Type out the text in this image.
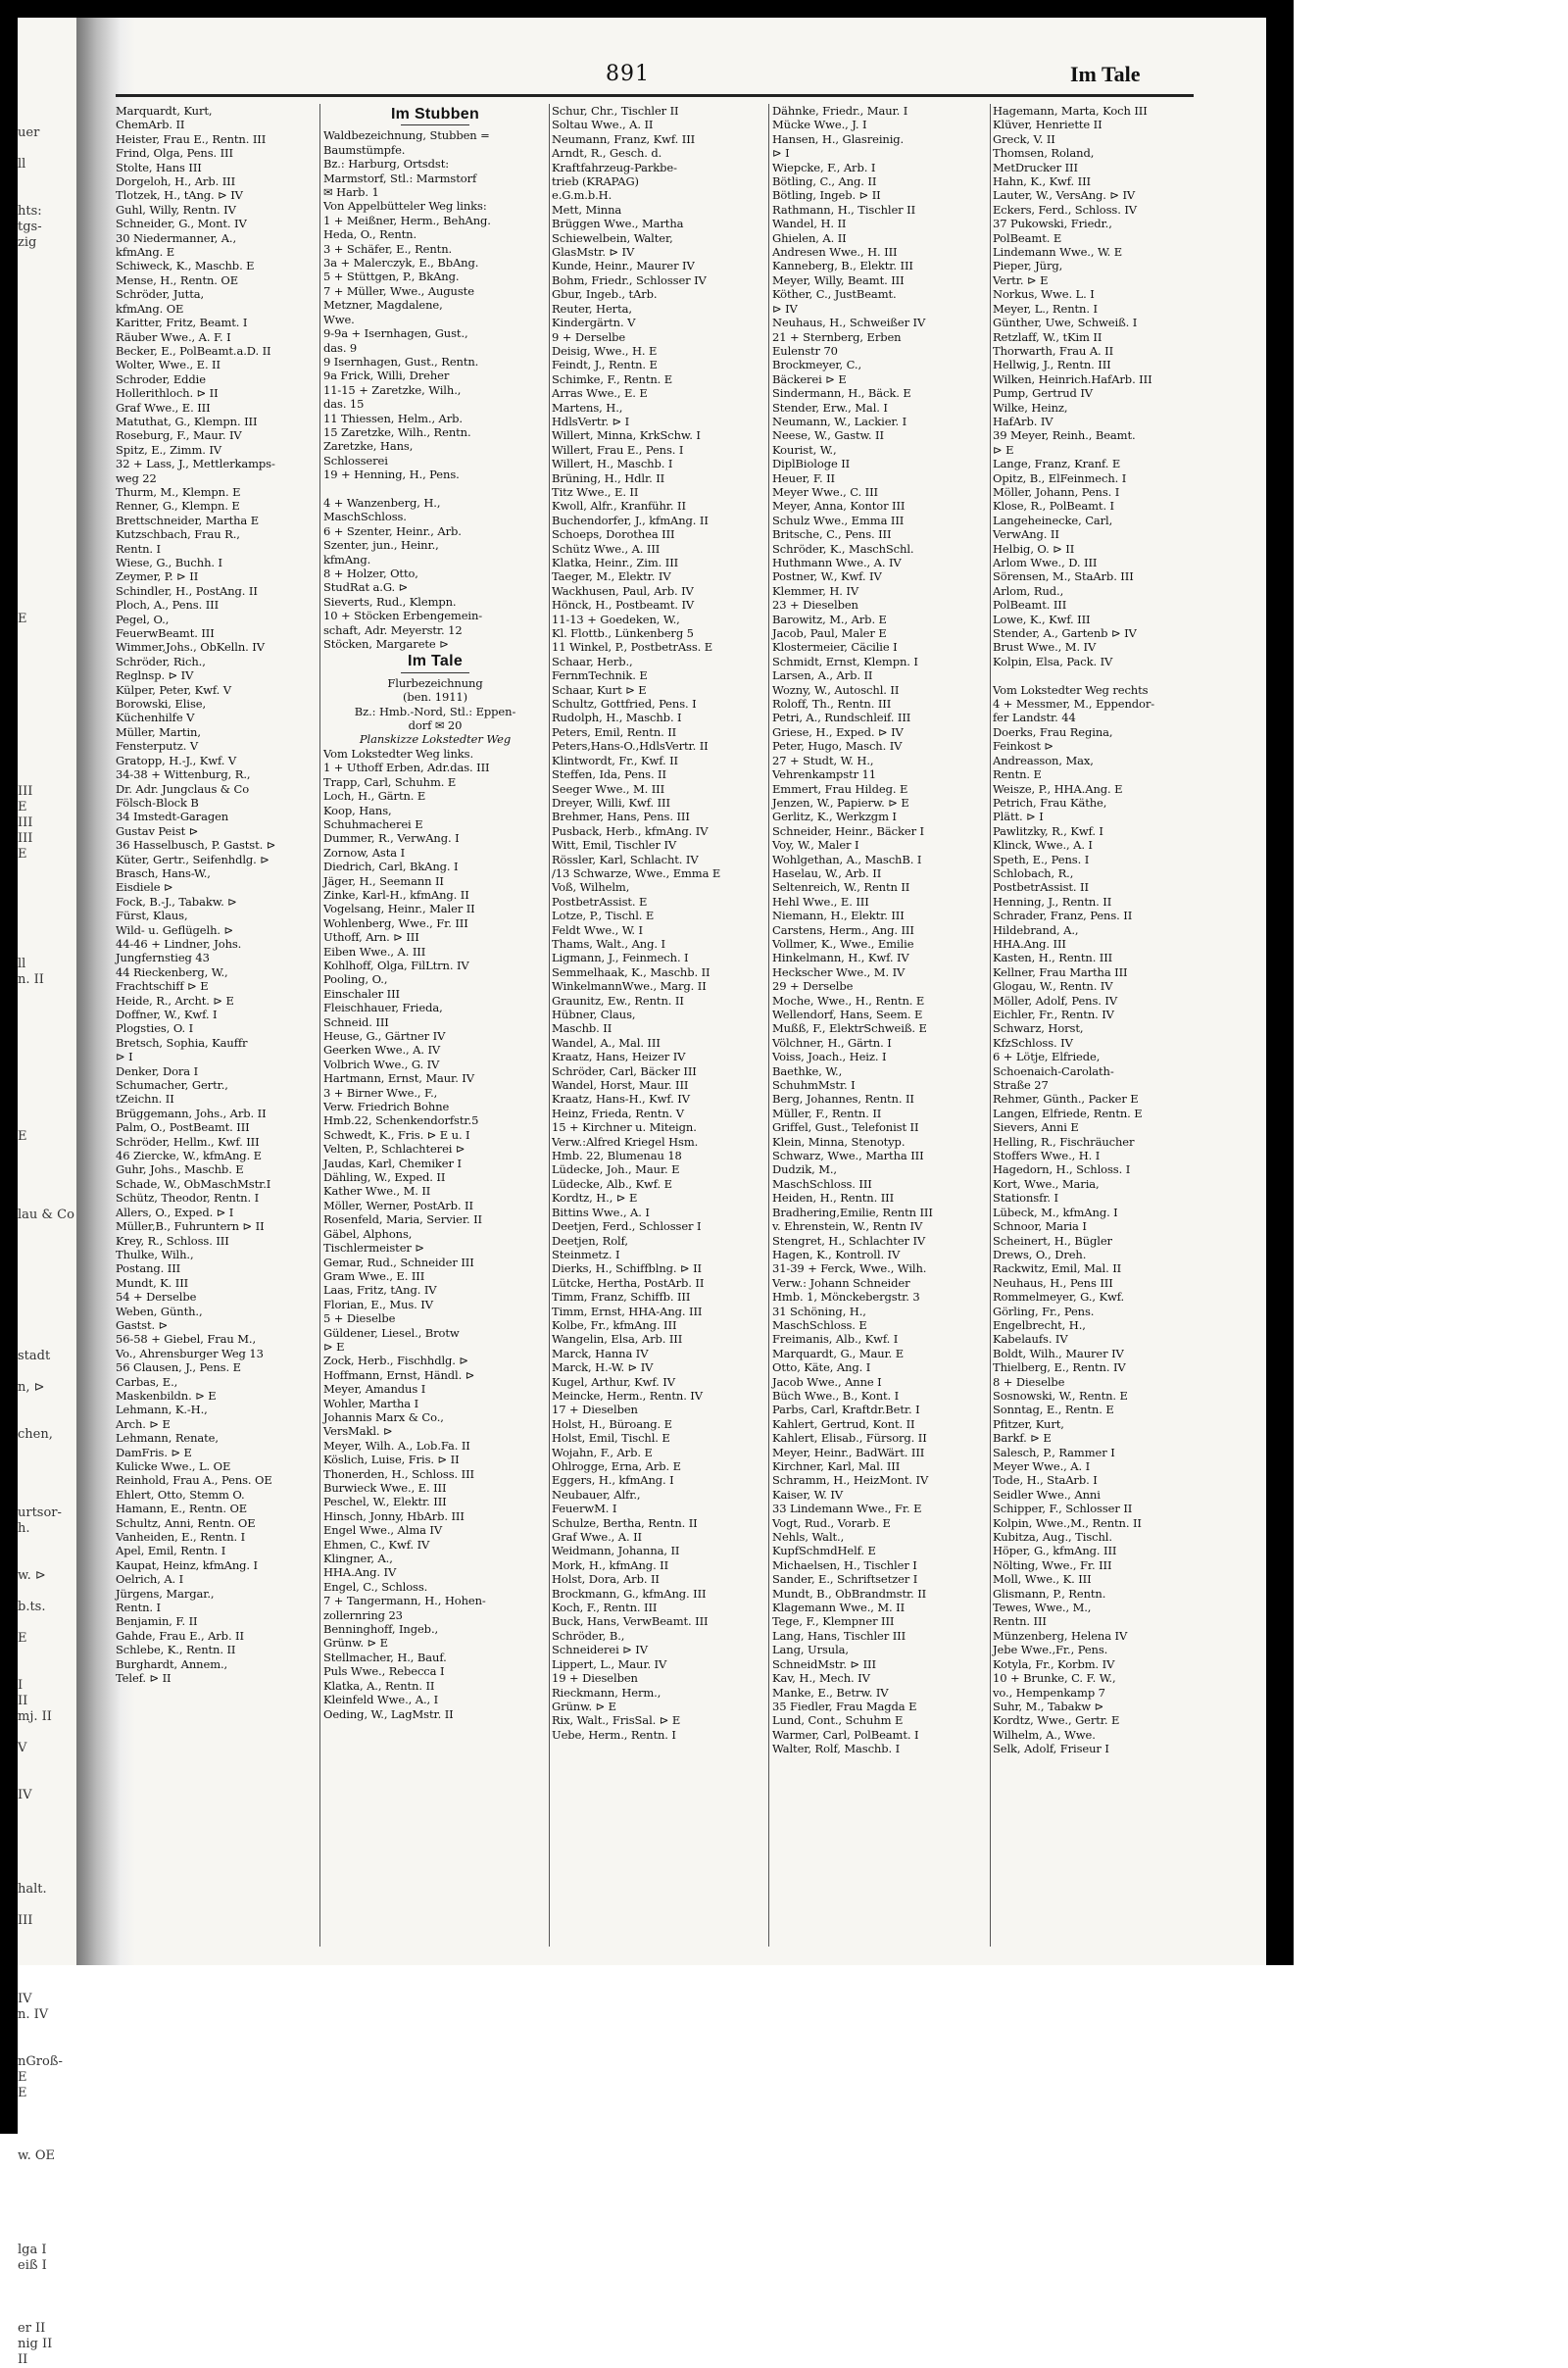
uer

ll

hts:
tgs-
zig

E

III
E
III
III
E

ll
n. II

E

lau & Co

stadt

n, ⊳

chen,

urtsor-
h.

w. ⊳

b.ts.

E

I
II
mj. II

V

IV

halt.

III

IV
n. IV

nGroß-
E
E

w. OE

lga I
eiß I

er II
nig II
II
891	Im Tale
Marquardt, Kurt,
ChemArb. II
Heister, Frau E., Rentn. III
Frind, Olga, Pens. III
Stolte, Hans III
Dorgeloh, H., Arb. III
Tlotzek, H., tAng. ⊳ IV
Guhl, Willy, Rentn. IV
Schneider, G., Mont. IV
30 Niedermanner, A.,
kfmAng. E
Schiweck, K., Maschb. E
Mense, H., Rentn. OE
Schröder, Jutta,
kfmAng. OE
Karitter, Fritz, Beamt. I
Räuber Wwe., A. F. I
Becker, E., PolBeamt.a.D. II
Wolter, Wwe., E. II
Schroder, Eddie
Hollerithloch. ⊳ II
Graf Wwe., E. III
Matuthat, G., Klempn. III
Roseburg, F., Maur. IV
Spitz, E., Zimm. IV
32 + Lass, J., Mettlerkamps-
weg 22
Thurm, M., Klempn. E
Renner, G., Klempn. E
Brettschneider, Martha E
Kutzschbach, Frau R.,
Rentn. I
Wiese, G., Buchh. I
Zeymer, P. ⊳ II
Schindler, H., PostAng. II
Ploch, A., Pens. III
Pegel, O.,
FeuerwBeamt. III
Wimmer,Johs., ObKelln. IV
Schröder, Rich.,
Reglnsp. ⊳ IV
Külper, Peter, Kwf. V
Borowski, Elise,
Küchenhilfe V
Müller, Martin,
Fensterputz. V
Gratopp, H.-J., Kwf. V
34-38 + Wittenburg, R.,
Dr. Adr. Jungclaus & Co
Fölsch-Block B
34 Imstedt-Garagen
Gustav Peist ⊳
36 Hasselbusch, P. Gastst. ⊳
Küter, Gertr., Seifenhdlg. ⊳
Brasch, Hans-W.,
Eisdiele ⊳
Fock, B.-J., Tabakw. ⊳
Fürst, Klaus,
Wild- u. Geflügelh. ⊳
44-46 + Lindner, Johs.
Jungfernstieg 43
44 Rieckenberg, W.,
Frachtschiff ⊳ E
Heide, R., Archt. ⊳ E
Doffner, W., Kwf. I
Plogsties, O. I
Bretsch, Sophia, Kauffr
⊳ I
Denker, Dora I
Schumacher, Gertr.,
tZeichn. II
Brüggemann, Johs., Arb. II
Palm, O., PostBeamt. III
Schröder, Hellm., Kwf. III
46 Ziercke, W., kfmAng. E
Guhr, Johs., Maschb. E
Schade, W., ObMaschMstr.I
Schütz, Theodor, Rentn. I
Allers, O., Exped. ⊳ I
Müller,B., Fuhruntern ⊳ II
Krey, R., Schloss. III
Thulke, Wilh.,
Postang. III
Mundt, K. III
54 + Derselbe
Weben, Günth.,
Gastst. ⊳
56-58 + Giebel, Frau M.,
Vo., Ahrensburger Weg 13
56 Clausen, J., Pens. E
Carbas, E.,
Maskenbildn. ⊳ E
Lehmann, K.-H.,
Arch. ⊳ E
Lehmann, Renate,
DamFris. ⊳ E
Kulicke Wwe., L. OE
Reinhold, Frau A., Pens. OE
Ehlert, Otto, Stemm O.
Hamann, E., Rentn. OE
Schultz, Anni, Rentn. OE
Vanheiden, E., Rentn. I
Apel, Emil, Rentn. I
Kaupat, Heinz, kfmAng. I
Oelrich, A. I
Jürgens, Margar.,
Rentn. I
Benjamin, F. II
Gahde, Frau E., Arb. II
Schlebe, K., Rentn. II
Burghardt, Annem.,
Telef. ⊳ II
Im Stubben
Waldbezeichnung, Stubben =
Baumstümpfe.
Bz.: Harburg, Ortsdst:
Marmstorf, Stl.: Marmstorf
✉ Harb. 1
Von Appelbütteler Weg links:
1 + Meißner, Herm., BehAng.
Heda, O., Rentn.
3 + Schäfer, E., Rentn.
3a + Malerczyk, E., BbAng.
5 + Stüttgen, P., BkAng.
7 + Müller, Wwe., Auguste
Metzner, Magdalene,
Wwe.
9-9a + Isernhagen, Gust.,
das. 9
9 Isernhagen, Gust., Rentn.
9a Frick, Willi, Dreher
11-15 + Zaretzke, Wilh.,
das. 15
11 Thiessen, Helm., Arb.
15 Zaretzke, Wilh., Rentn.
Zaretzke, Hans,
Schlosserei
19 + Henning, H., Pens.

4 + Wanzenberg, H.,
MaschSchloss.
6 + Szenter, Heinr., Arb.
Szenter, jun., Heinr.,
kfmAng.
8 + Holzer, Otto,
StudRat a.G. ⊳
Sieverts, Rud., Klempn.
10 + Stöcken Erbengemein-
schaft, Adr. Meyerstr. 12
Stöcken, Margarete ⊳
Im Tale
Flurbezeichnung
(ben. 1911)
Bz.: Hmb.-Nord, Stl.: Eppen-
dorf ✉ 20
Planskizze Lokstedter Weg
Vom Lokstedter Weg links.
1 + Uthoff Erben, Adr.das. III
Trapp, Carl, Schuhm. E
Loch, H., Gärtn. E
Koop, Hans,
Schuhmacherei E
Dummer, R., VerwAng. I
Zornow, Asta I
Diedrich, Carl, BkAng. I
Jäger, H., Seemann II
Zinke, Karl-H., kfmAng. II
Vogelsang, Heinr., Maler II
Wohlenberg, Wwe., Fr. III
Uthoff, Arn. ⊳ III
Eiben Wwe., A. III
Kohlhoff, Olga, FilLtrn. IV
Pooling, O.,
Einschaler III
Fleischhauer, Frieda,
Schneid. III
Heuse, G., Gärtner IV
Geerken Wwe., A. IV
Volbrich Wwe., G. IV
Hartmann, Ernst, Maur. IV
3 + Birner Wwe., F.,
Verw. Friedrich Bohne
Hmb.22, Schenkendorfstr.5
Schwedt, K., Fris. ⊳ E u. I
Velten, P., Schlachterei ⊳
Jaudas, Karl, Chemiker I
Dähling, W., Exped. II
Kather Wwe., M. II
Möller, Werner, PostArb. II
Rosenfeld, Maria, Servier. II
Gäbel, Alphons,
Tischlermeister ⊳
Gemar, Rud., Schneider III
Gram Wwe., E. III
Laas, Fritz, tAng. IV
Florian, E., Mus. IV
5 + Dieselbe
Güldener, Liesel., Brotw
⊳ E
Zock, Herb., Fischhdlg. ⊳
Hoffmann, Ernst, Händl. ⊳
Meyer, Amandus I
Wohler, Martha I
Johannis Marx & Co.,
VersMakl. ⊳
Meyer, Wilh. A., Lob.Fa. II
Köslich, Luise, Fris. ⊳ II
Thonerden, H., Schloss. III
Burwieck Wwe., E. III
Peschel, W., Elektr. III
Hinsch, Jonny, HbArb. III
Engel Wwe., Alma IV
Ehmen, C., Kwf. IV
Klingner, A.,
HHA.Ang. IV
Engel, C., Schloss.
7 + Tangermann, H., Hohen-
zollernring 23
Benninghoff, Ingeb.,
Grünw. ⊳ E
Stellmacher, H., Bauf.
Puls Wwe., Rebecca I
Klatka, A., Rentn. II
Kleinfeld Wwe., A., I
Oeding, W., LagMstr. II
Schur, Chr., Tischler II
Soltau Wwe., A. II
Neumann, Franz, Kwf. III
Arndt, R., Gesch. d.
Kraftfahrzeug-Parkbe-
trieb (KRAPAG)
e.G.m.b.H.
Mett, Minna
Brüggen Wwe., Martha
Schiewelbein, Walter,
GlasMstr. ⊳ IV
Kunde, Heinr., Maurer IV
Bohm, Friedr., Schlosser IV
Gbur, Ingeb., tArb.
Reuter, Herta,
Kindergärtn. V
9 + Derselbe
Deisig, Wwe., H. E
Feindt, J., Rentn. E
Schimke, F., Rentn. E
Arras Wwe., E. E
Martens, H.,
HdlsVertr. ⊳ I
Willert, Minna, KrkSchw. I
Willert, Frau E., Pens. I
Willert, H., Maschb. I
Brüning, H., Hdlr. II
Titz Wwe., E. II
Kwoll, Alfr., Kranführ. II
Buchendorfer, J., kfmAng. II
Schoeps, Dorothea III
Schütz Wwe., A. III
Klatka, Heinr., Zim. III
Taeger, M., Elektr. IV
Wackhusen, Paul, Arb. IV
Hönck, H., Postbeamt. IV
11-13 + Goedeken, W.,
Kl. Flottb., Lünkenberg 5
11 Winkel, P., PostbetrAss. E
Schaar, Herb.,
FernmTechnik. E
Schaar, Kurt ⊳ E
Schultz, Gottfried, Pens. I
Rudolph, H., Maschb. I
Peters, Emil, Rentn. II
Peters,Hans-O.,HdlsVertr. II
Klintwordt, Fr., Kwf. II
Steffen, Ida, Pens. II
Seeger Wwe., M. III
Dreyer, Willi, Kwf. III
Brehmer, Hans, Pens. III
Pusback, Herb., kfmAng. IV
Witt, Emil, Tischler IV
Rössler, Karl, Schlacht. IV
/13 Schwarze, Wwe., Emma E
Voß, Wilhelm,
PostbetrAssist. E
Lotze, P., Tischl. E
Feldt Wwe., W. I
Thams, Walt., Ang. I
Ligmann, J., Feinmech. I
Semmelhaak, K., Maschb. II
WinkelmannWwe., Marg. II
Graunitz, Ew., Rentn. II
Hübner, Claus,
Maschb. II
Wandel, A., Mal. III
Kraatz, Hans, Heizer IV
Schröder, Carl, Bäcker III
Wandel, Horst, Maur. III
Kraatz, Hans-H., Kwf. IV
Heinz, Frieda, Rentn. V
15 + Kirchner u. Miteign.
Verw.:Alfred Kriegel Hsm.
Hmb. 22, Blumenau 18
Lüdecke, Joh., Maur. E
Lüdecke, Alb., Kwf. E
Kordtz, H., ⊳ E
Bittins Wwe., A. I
Deetjen, Ferd., Schlosser I
Deetjen, Rolf,
Steinmetz. I
Dierks, H., Schiffblng. ⊳ II
Lütcke, Hertha, PostArb. II
Timm, Franz, Schiffb. III
Timm, Ernst, HHA-Ang. III
Kolbe, Fr., kfmAng. III
Wangelin, Elsa, Arb. III
Marck, Hanna IV
Marck, H.-W. ⊳ IV
Kugel, Arthur, Kwf. IV
Meincke, Herm., Rentn. IV
17 + Dieselben
Holst, H., Büroang. E
Holst, Emil, Tischl. E
Wojahn, F., Arb. E
Ohlrogge, Erna, Arb. E
Eggers, H., kfmAng. I
Neubauer, Alfr.,
FeuerwM. I
Schulze, Bertha, Rentn. II
Graf Wwe., A. II
Weidmann, Johanna, II
Mork, H., kfmAng. II
Holst, Dora, Arb. II
Brockmann, G., kfmAng. III
Koch, F., Rentn. III
Buck, Hans, VerwBeamt. III
Schröder, B.,
Schneiderei ⊳ IV
Lippert, L., Maur. IV
19 + Dieselben
Rieckmann, Herm.,
Grünw. ⊳ E
Rix, Walt., FrisSal. ⊳ E
Uebe, Herm., Rentn. I
Dähnke, Friedr., Maur. I
Mücke Wwe., J. I
Hansen, H., Glasreinig.
⊳ I
Wiepcke, F., Arb. I
Bötling, C., Ang. II
Bötling, Ingeb. ⊳ II
Rathmann, H., Tischler II
Wandel, H. II
Ghielen, A. II
Andresen Wwe., H. III
Kanneberg, B., Elektr. III
Meyer, Willy, Beamt. III
Köther, C., JustBeamt.
⊳ IV
Neuhaus, H., Schweißer IV
21 + Sternberg, Erben
Eulenstr 70
Brockmeyer, C.,
Bäckerei ⊳ E
Sindermann, H., Bäck. E
Stender, Erw., Mal. I
Neumann, W., Lackier. I
Neese, W., Gastw. II
Kourist, W.,
DiplBiologe II
Heuer, F. II
Meyer Wwe., C. III
Meyer, Anna, Kontor III
Schulz Wwe., Emma III
Britsche, C., Pens. III
Schröder, K., MaschSchl.
Huthmann Wwe., A. IV
Postner, W., Kwf. IV
Klemmer, H. IV
23 + Dieselben
Barowitz, M., Arb. E
Jacob, Paul, Maler E
Klostermeier, Cäcilie I
Schmidt, Ernst, Klempn. I
Larsen, A., Arb. II
Wozny, W., Autoschl. II
Roloff, Th., Rentn. III
Petri, A., Rundschleif. III
Griese, H., Exped. ⊳ IV
Peter, Hugo, Masch. IV
27 + Studt, W. H.,
Vehrenkampstr 11
Emmert, Frau Hildeg. E
Jenzen, W., Papierw. ⊳ E
Gerlitz, K., Werkzgm I
Schneider, Heinr., Bäcker I
Voy, W., Maler I
Wohlgethan, A., MaschB. I
Haselau, W., Arb. II
Seltenreich, W., Rentn II
Hehl Wwe., E. III
Niemann, H., Elektr. III
Carstens, Herm., Ang. III
Vollmer, K., Wwe., Emilie
Hinkelmann, H., Kwf. IV
Heckscher Wwe., M. IV
29 + Derselbe
Moche, Wwe., H., Rentn. E
Wellendorf, Hans, Seem. E
Mußß, F., ElektrSchweiß. E
Völchner, H., Gärtn. I
Voiss, Joach., Heiz. I
Baethke, W.,
SchuhmMstr. I
Berg, Johannes, Rentn. II
Müller, F., Rentn. II
Griffel, Gust., Telefonist II
Klein, Minna, Stenotyp.
Schwarz, Wwe., Martha III
Dudzik, M.,
MaschSchloss. III
Heiden, H., Rentn. III
Bradhering,Emilie, Rentn III
v. Ehrenstein, W., Rentn IV
Stengret, H., Schlachter IV
Hagen, K., Kontroll. IV
31-39 + Ferck, Wwe., Wilh.
Verw.: Johann Schneider
Hmb. 1, Mönckebergstr. 3
31 Schöning, H.,
MaschSchloss. E
Freimanis, Alb., Kwf. I
Marquardt, G., Maur. E
Otto, Käte, Ang. I
Jacob Wwe., Anne I
Büch Wwe., B., Kont. I
Parbs, Carl, Kraftdr.Betr. I
Kahlert, Gertrud, Kont. II
Kahlert, Elisab., Fürsorg. II
Meyer, Heinr., BadWärt. III
Kirchner, Karl, Mal. III
Schramm, H., HeizMont. IV
Kaiser, W. IV
33 Lindemann Wwe., Fr. E
Vogt, Rud., Vorarb. E
Nehls, Walt.,
KupfSchmdHelf. E
Michaelsen, H., Tischler I
Sander, E., Schriftsetzer I
Mundt, B., ObBrandmstr. II
Klagemann Wwe., M. II
Tege, F., Klempner III
Lang, Hans, Tischler III
Lang, Ursula,
SchneidMstr. ⊳ III
Kav, H., Mech. IV
Manke, E., Betrw. IV
35 Fiedler, Frau Magda E
Lund, Cont., Schuhm E
Warmer, Carl, PolBeamt. I
Walter, Rolf, Maschb. I
Hagemann, Marta, Koch III
Klüver, Henriette II
Greck, V. II
Thomsen, Roland,
MetDrucker III
Hahn, K., Kwf. III
Lauter, W., VersAng. ⊳ IV
Eckers, Ferd., Schloss. IV
37 Pukowski, Friedr.,
PolBeamt. E
Lindemann Wwe., W. E
Pieper, Jürg,
Vertr. ⊳ E
Norkus, Wwe. L. I
Meyer, L., Rentn. I
Günther, Uwe, Schweiß. I
Retzlaff, W., tKim II
Thorwarth, Frau A. II
Hellwig, J., Rentn. III
Wilken, Heinrich.HafArb. III
Pump, Gertrud IV
Wilke, Heinz,
HafArb. IV
39 Meyer, Reinh., Beamt.
⊳ E
Lange, Franz, Kranf. E
Opitz, B., ElFeinmech. I
Möller, Johann, Pens. I
Klose, R., PolBeamt. I
Langeheinecke, Carl,
VerwAng. II
Helbig, O. ⊳ II
Arlom Wwe., D. III
Sörensen, M., StaArb. III
Arlom, Rud.,
PolBeamt. III
Lowe, K., Kwf. III
Stender, A., Gartenb ⊳ IV
Brust Wwe., M. IV
Kolpin, Elsa, Pack. IV

Vom Lokstedter Weg rechts
4 + Messmer, M., Eppendor-
fer Landstr. 44
Doerks, Frau Regina,
Feinkost ⊳
Andreasson, Max,
Rentn. E
Weisze, P., HHA.Ang. E
Petrich, Frau Käthe,
Plätt. ⊳ I
Pawlitzky, R., Kwf. I
Klinck, Wwe., A. I
Speth, E., Pens. I
Schlobach, R.,
PostbetrAssist. II
Henning, J., Rentn. II
Schrader, Franz, Pens. II
Hildebrand, A.,
HHA.Ang. III
Kasten, H., Rentn. III
Kellner, Frau Martha III
Glogau, W., Rentn. IV
Möller, Adolf, Pens. IV
Eichler, Fr., Rentn. IV
Schwarz, Horst,
KfzSchloss. IV
6 + Lötje, Elfriede,
Schoenaich-Carolath-
Straße 27
Rehmer, Günth., Packer E
Langen, Elfriede, Rentn. E
Sievers, Anni E
Helling, R., Fischräucher
Stoffers Wwe., H. I
Hagedorn, H., Schloss. I
Kort, Wwe., Maria,
Stationsfr. I
Lübeck, M., kfmAng. I
Schnoor, Maria I
Scheinert, H., Bügler
Drews, O., Dreh.
Rackwitz, Emil, Mal. II
Neuhaus, H., Pens III
Rommelmeyer, G., Kwf.
Görling, Fr., Pens.
Engelbrecht, H.,
Kabelaufs. IV
Boldt, Wilh., Maurer IV
Thielberg, E., Rentn. IV
8 + Dieselbe
Sosnowski, W., Rentn. E
Sonntag, E., Rentn. E
Pfitzer, Kurt,
Barkf. ⊳ E
Salesch, P., Rammer I
Meyer Wwe., A. I
Tode, H., StaArb. I
Seidler Wwe., Anni
Schipper, F., Schlosser II
Kolpin, Wwe.,M., Rentn. II
Kubitza, Aug., Tischl.
Höper, G., kfmAng. III
Nölting, Wwe., Fr. III
Moll, Wwe., K. III
Glismann, P., Rentn.
Tewes, Wwe., M.,
Rentn. III
Münzenberg, Helena IV
Jebe Wwe.,Fr., Pens.
Kotyla, Fr., Korbm. IV
10 + Brunke, C. F. W.,
vo., Hempenkamp 7
Suhr, M., Tabakw ⊳
Kordtz, Wwe., Gertr. E
Wilhelm, A., Wwe.
Selk, Adolf, Friseur I
